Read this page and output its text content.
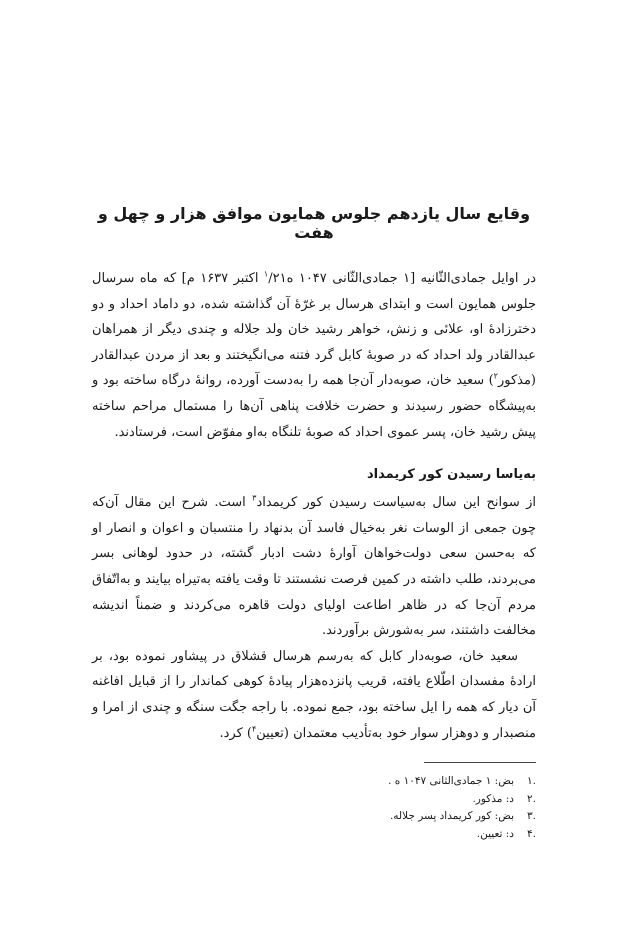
وقایع سال یازدهم جلوس همایون موافق هزار و چهل و هفت

در اوایل جمادی‌الثّانیه [۱ جمادی‌الثّانی ۱۰۴۷ ه$^۱$/۲۱ اکتبر ۱۶۳۷ م] که ماه سرسال جلوس همایون است و ابتدای هرسال بر غرّهٔ آن گذاشته شده، دو داماد احداد و دو دخترزادهٔ او، علائی و زنش، خواهر رشید خان ولد جلاله و چندی دیگر از همراهان عبدالقادر ولد احداد که در صوبهٔ کابل گرد فتنه می‌انگیختند و بعد از مردن عبدالقادر (مذکور$^۲$) سعید خان، صوبه‌دار آن‌جا همه را به‌دست آورده، روانهٔ درگاه ساخته بود و به‌پیشگاه حضور رسیدند و حضرت خلافت پناهی آن‌ها را مستمال مراحم ساخته پیش رشید خان، پسر عموی احداد که صوبهٔ تلنگاه به‌او مفوّض است، فرستادند.

به‌یاسا رسیدن کور کریمداد

از سوانح این سال به‌سیاست رسیدن کور کریمداد$^۳$ است. شرح این مقال آن‌که چون جمعی از الوسات نغر به‌خیال فاسد آن بدنهاد را منتسبان و اعوان و انصار او که به‌حسن سعی دولت‌خواهان آوارهٔ دشت ادبار گشته، در حدود لوهانی بسر می‌بردند، طلب داشته در کمین فرصت نشستند تا وقت یافته به‌تیراه بیایند و به‌اتّفاق مردم آن‌جا که در ظاهر اطاعت اولیای دولت قاهره می‌کردند و ضمناً اندیشه مخالفت داشتند، سر به‌شورش برآوردند.

سعید خان، صوبه‌دار کابل که به‌رسم هرسال قشلاق در پیشاور نموده بود، بر ارادهٔ مفسدان اطّلاع یافته، قریب پانزده‌هزار پیادهٔ کوهی کماندار را از قبایل افاغنه آن دیار که همه را ایل ساخته بود، جمع نموده. با راجه جگت سنگه و چندی از امرا و منصبدار و دوهزار سوار خود به‌تأدیب معتمدان (تعیین$^۴$) کرد.

.۱
بض: ۱ جمادی‌الثانی ۱۰۴۷ ه .
.۲
د: مذکور.
.۳
بض: کور کریمداد پسر جلاله.
.۴
د: تعیین.
